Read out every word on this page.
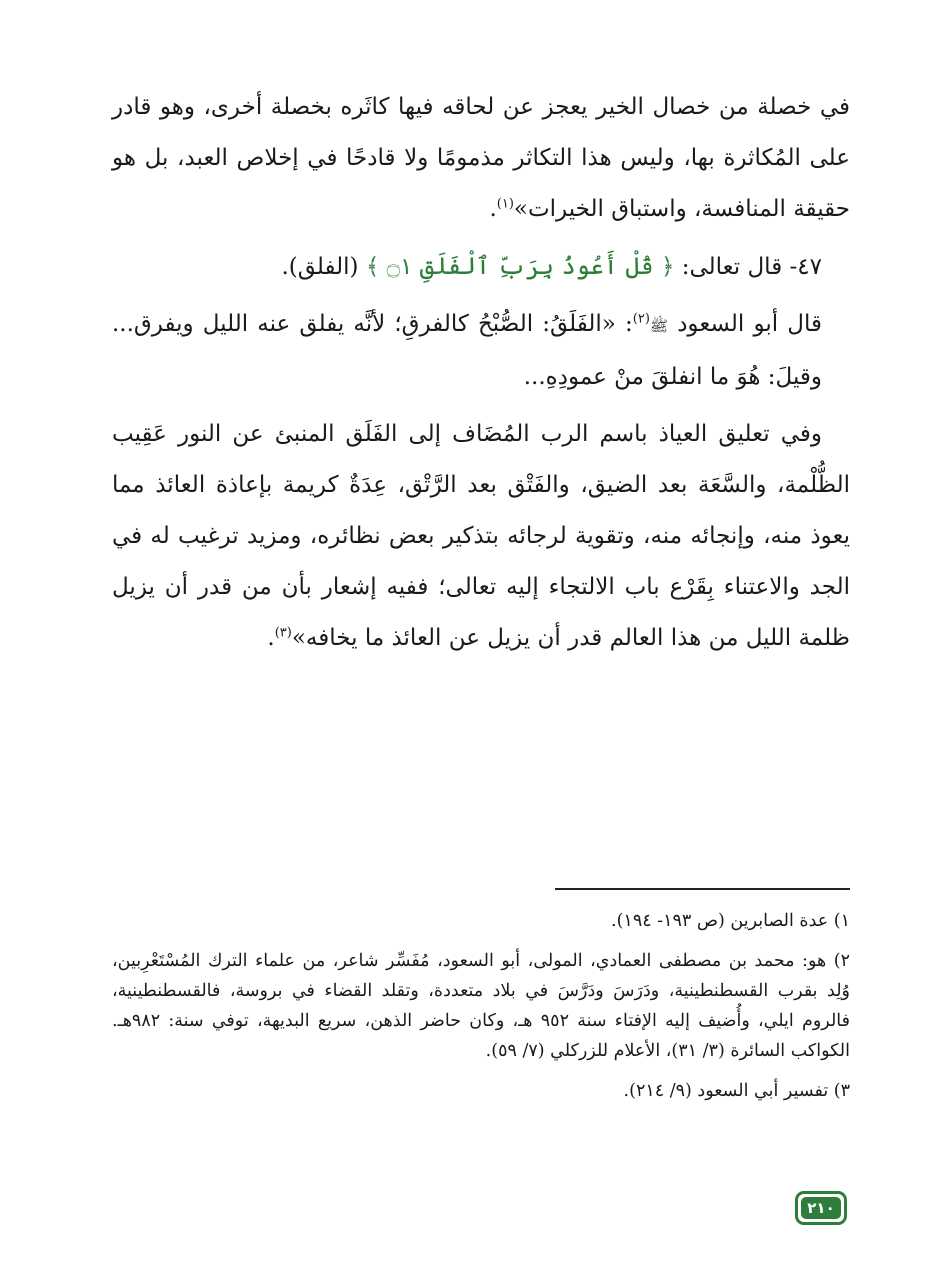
في خصلة من خصال الخير يعجز عن لحاقه فيها كاثَره بخصلة أخرى، وهو قادر على المُكاثرة بها، وليس هذا التكاثر مذمومًا ولا قادحًا في إخلاص العبد، بل هو حقيقة المنافسة، واستباق الخيرات»$^{(١)}$.

٤٧- قال تعالى: ﴿ قُلْ أَعُوذُ بِرَبِّ ٱلْفَلَقِ ۝١ ﴾ (الفلق).

قال أبو السعود ﷺ$^{(٢)}$: «الفَلَقُ: الصُّبْحُ كالفرقِ؛ لأنَّه يفلق عنه الليل ويفرق... وقيلَ: هُوَ ما انفلقَ منْ عمودِهِ...

وفي تعليق العياذ باسم الرب المُضَاف إلى الفَلَق المنبئ عن النور عَقِيب الظُّلْمة، والسَّعَة بعد الضيق، والفَتْق بعد الرَّتْق، عِدَةٌ كريمة بإعاذة العائذ مما يعوذ منه، وإنجائه منه، وتقوية لرجائه بتذكير بعض نظائره، ومزيد ترغيب له في الجد والاعتناء بِقَرْع باب الالتجاء إليه تعالى؛ ففيه إشعار بأن من قدر أن يزيل ظلمة الليل من هذا العالم قدر أن يزيل عن العائذ ما يخافه»$^{(٣)}$.

١) عدة الصابرين (ص ١٩٣- ١٩٤).

٢) هو: محمد بن مصطفى العمادي، المولى، أبو السعود، مُفَسِّر شاعر، من علماء الترك المُسْتَعْرِبين، وُلِد بقرب القسطنطينية، ودَرَسَ ودَرَّسَ في بلاد متعددة، وتقلد القضاء في بروسة، فالقسطنطينية، فالروم ايلي، وأُضيف إليه الإفتاء سنة ٩٥٢ هـ، وكان حاضر الذهن، سريع البديهة، توفي سنة: ٩٨٢هـ. الكواكب السائرة (٣/ ٣١)، الأعلام للزركلي (٧/ ٥٩).

٣) تفسير أبي السعود (٩/ ٢١٤).

٢١٠
